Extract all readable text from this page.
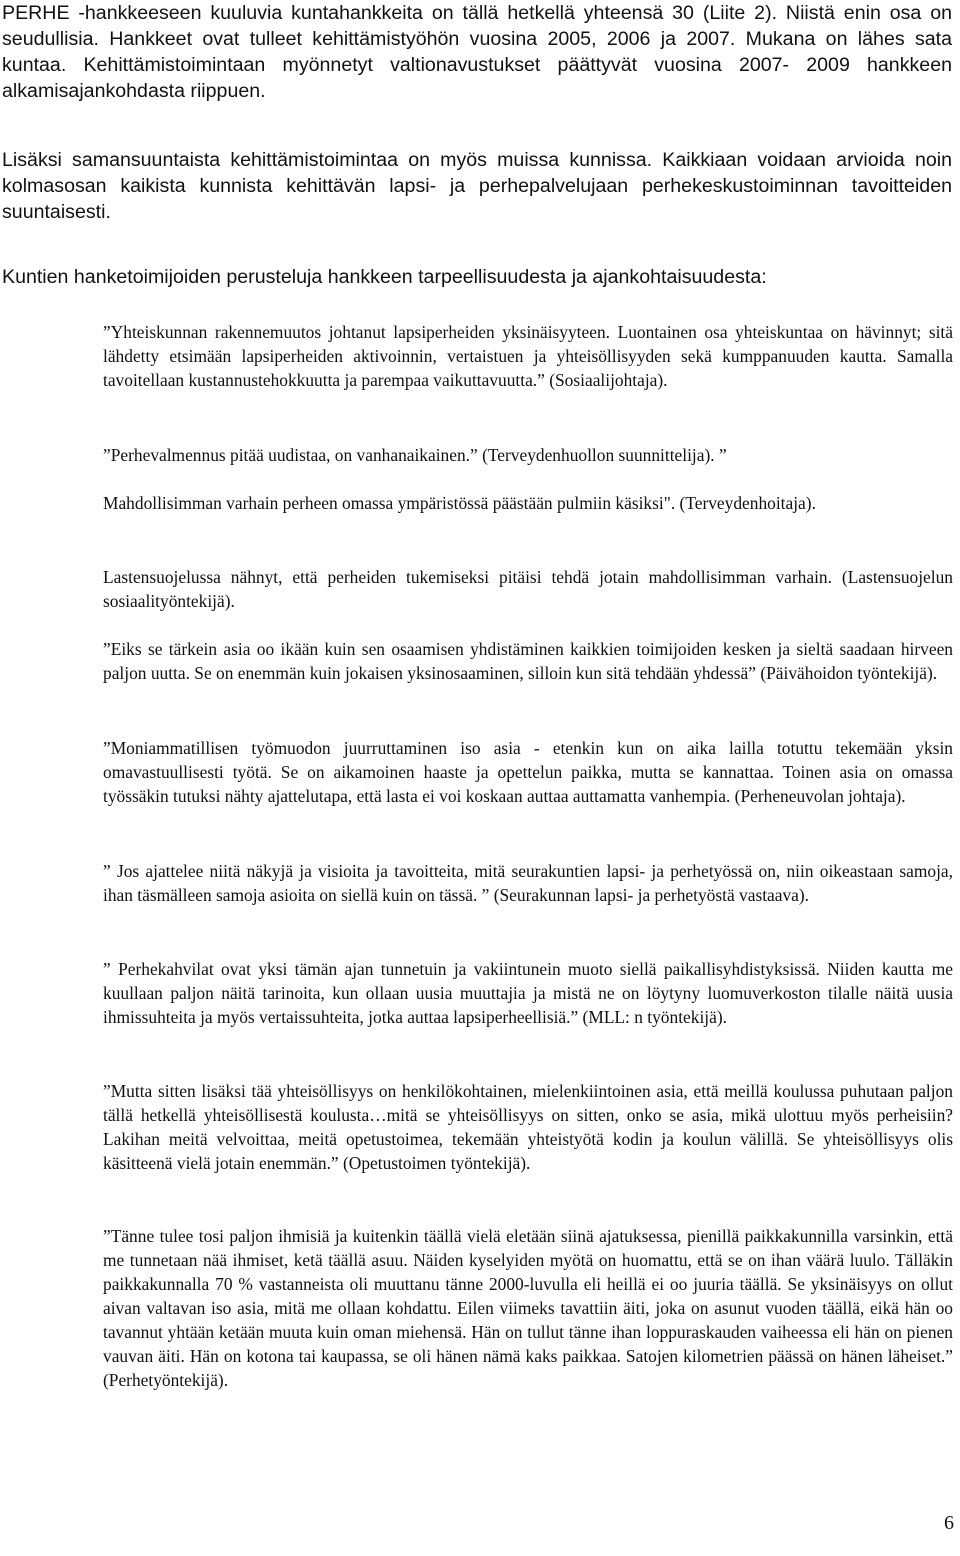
PERHE -hankkeeseen kuuluvia kuntahankkeita on tällä hetkellä yhteensä 30 (Liite 2). Niistä enin osa on seudullisia. Hankkeet ovat tulleet kehittämistyöhön vuosina 2005, 2006 ja 2007. Mukana on lähes sata kuntaa. Kehittämistoimintaan myönnetyt valtionavustukset päättyvät vuosina 2007- 2009 hankkeen alkamisajankohdasta riippuen.

Lisäksi samansuuntaista kehittämistoimintaa on myös muissa kunnissa. Kaikkiaan voidaan arvioida noin kolmasosan kaikista kunnista kehittävän lapsi- ja perhepalvelujaan perhekeskustoiminnan tavoitteiden suuntaisesti.

Kuntien hanketoimijoiden perusteluja hankkeen tarpeellisuudesta ja ajankohtaisuudesta:

”Yhteiskunnan rakennemuutos johtanut lapsiperheiden yksinäisyyteen. Luontainen osa yhteiskuntaa on hävinnyt; sitä lähdetty etsimään lapsiperheiden aktivoinnin, vertaistuen ja yhteisöllisyyden sekä kumppanuuden kautta. Samalla tavoitellaan kustannustehokkuutta ja parempaa vaikuttavuutta.” (Sosiaalijohtaja).

”Perhevalmennus pitää uudistaa, on vanhanaikainen.” (Terveydenhuollon suunnittelija). ”

Mahdollisimman varhain perheen omassa ympäristössä päästään pulmiin käsiksi". (Terveydenhoitaja).

Lastensuojelussa nähnyt, että perheiden tukemiseksi pitäisi tehdä jotain mahdollisimman varhain. (Lastensuojelun sosiaalityöntekijä).

”Eiks se tärkein asia oo ikään kuin sen osaamisen yhdistäminen kaikkien toimijoiden kesken ja sieltä saadaan hirveen paljon uutta. Se on enemmän kuin jokaisen yksinosaaminen, silloin kun sitä tehdään yhdessä” (Päivähoidon työntekijä).

”Moniammatillisen työmuodon juurruttaminen iso asia - etenkin kun on aika lailla totuttu tekemään yksin omavastuullisesti työtä. Se on aikamoinen haaste ja opettelun paikka, mutta se kannattaa. Toinen asia on omassa työssäkin tutuksi nähty ajattelutapa, että lasta ei voi koskaan auttaa auttamatta vanhempia. (Perheneuvolan johtaja).

” Jos ajattelee niitä näkyjä ja visioita ja tavoitteita, mitä seurakuntien lapsi- ja perhetyössä on, niin oikeastaan samoja, ihan täsmälleen samoja asioita on siellä kuin on tässä. ” (Seurakunnan lapsi- ja perhetyöstä vastaava).

” Perhekahvilat ovat yksi tämän ajan tunnetuin ja vakiintunein muoto siellä paikallisyhdistyksissä. Niiden kautta me kuullaan paljon näitä tarinoita, kun ollaan uusia muuttajia ja mistä ne on löytyny luomuverkoston tilalle näitä uusia ihmissuhteita ja myös vertaissuhteita, jotka auttaa lapsiperheellisiä.” (MLL: n työntekijä).

”Mutta sitten lisäksi tää yhteisöllisyys on henkilökohtainen, mielenkiintoinen asia, että meillä koulussa puhutaan paljon tällä hetkellä yhteisöllisestä koulusta…mitä se yhteisöllisyys on sitten, onko se asia, mikä ulottuu myös perheisiin? Lakihan meitä velvoittaa, meitä opetustoimea, tekemään yhteistyötä kodin ja koulun välillä. Se yhteisöllisyys olis käsitteenä vielä jotain enemmän.” (Opetustoimen työntekijä).

”Tänne tulee tosi paljon ihmisiä ja kuitenkin täällä vielä eletään siinä ajatuksessa, pienillä paikkakunnilla varsinkin, että me tunnetaan nää ihmiset, ketä täällä asuu. Näiden kyselyiden myötä on huomattu, että se on ihan väärä luulo. Tälläkin paikkakunnalla 70 % vastanneista oli muuttanu tänne 2000-luvulla eli heillä ei oo juuria täällä. Se yksinäisyys on ollut aivan valtavan iso asia, mitä me ollaan kohdattu. Eilen viimeks tavattiin äiti, joka on asunut vuoden täällä, eikä hän oo tavannut yhtään ketään muuta kuin oman miehensä. Hän on tullut tänne ihan loppuraskauden vaiheessa eli hän on pienen vauvan äiti. Hän on kotona tai kaupassa, se oli hänen nämä kaks paikkaa. Satojen kilometrien päässä on hänen läheiset.” (Perhetyöntekijä).

6
